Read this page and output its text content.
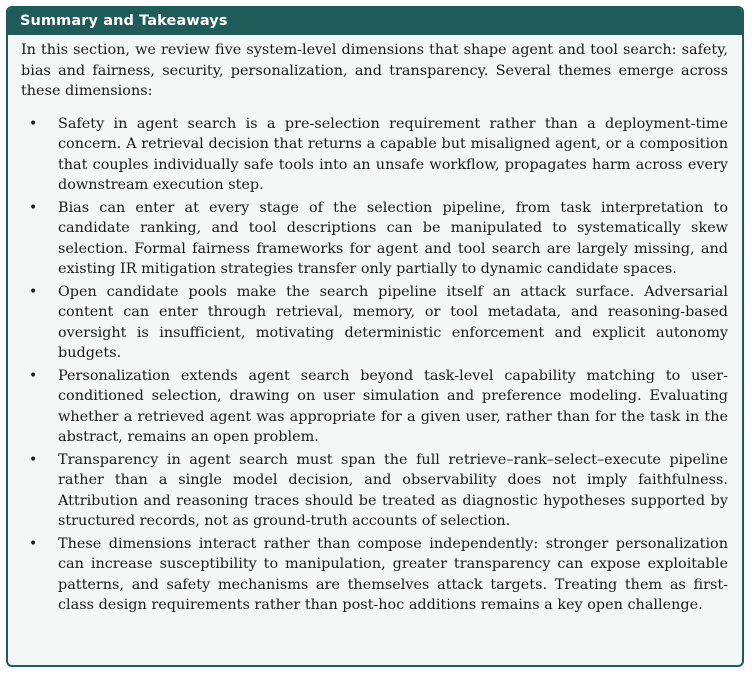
Summary and Takeaways

In this section, we review five system-level dimensions that shape agent and tool search: safety, bias and fairness, security, personalization, and transparency. Several themes emerge across these dimensions:

• Safety in agent search is a pre-selection requirement rather than a deployment-time concern. A retrieval decision that returns a capable but misaligned agent, or a composition that couples individually safe tools into an unsafe workflow, propagates harm across every downstream execution step.
• Bias can enter at every stage of the selection pipeline, from task interpretation to candidate ranking, and tool descriptions can be manipulated to systematically skew selection. Formal fairness frameworks for agent and tool search are largely missing, and existing IR mitigation strategies transfer only partially to dynamic candidate spaces.
• Open candidate pools make the search pipeline itself an attack surface. Adversarial content can enter through retrieval, memory, or tool metadata, and reasoning-based oversight is insufficient, motivating deterministic enforcement and explicit autonomy budgets.
• Personalization extends agent search beyond task-level capability matching to user-conditioned selection, drawing on user simulation and preference modeling. Evaluating whether a retrieved agent was appropriate for a given user, rather than for the task in the abstract, remains an open problem.
• Transparency in agent search must span the full retrieve–rank–select–execute pipeline rather than a single model decision, and observability does not imply faithfulness. Attribution and reasoning traces should be treated as diagnostic hypotheses supported by structured records, not as ground-truth accounts of selection.
• These dimensions interact rather than compose independently: stronger personalization can increase susceptibility to manipulation, greater transparency can expose exploitable patterns, and safety mechanisms are themselves attack targets. Treating them as first-class design requirements rather than post-hoc additions remains a key open challenge.
